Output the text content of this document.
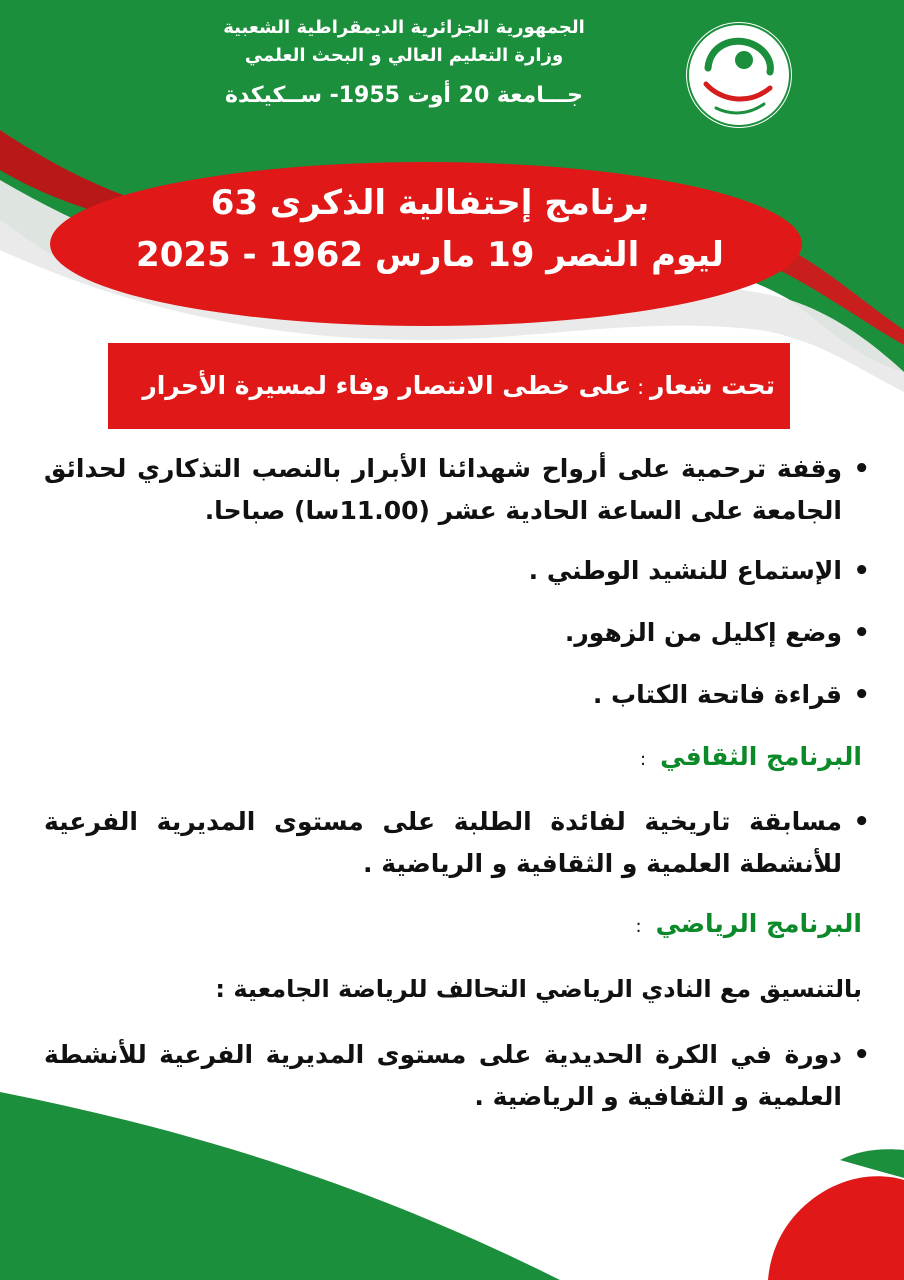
الجمهورية الجزائرية الديمقراطية الشعبية
وزارة التعليم العالي و البحث العلمي
جـــامعة 20 أوت 1955- ســكيكدة
برنامج إحتفالية الذكرى 63
ليوم النصر 19 مارس 1962 - 2025
تحت شعار:على خطى الانتصار وفاء لمسيرة الأحرار
• وقفة ترحمية على أرواح شهدائنا الأبرار بالنصب التذكاري لحدائق الجامعة على الساعة الحادية عشر (11.00سا) صباحا.
• الإستماع للنشيد الوطني .
• وضع إكليل من الزهور.
• قراءة فاتحة الكتاب .
البرنامج الثقافي:
• مسابقة تاريخية لفائدة الطلبة على مستوى المديرية الفرعية للأنشطة العلمية و الثقافية و الرياضية .
البرنامج الرياضي:
بالتنسيق مع النادي الرياضي التحالف للرياضة الجامعية :
• دورة في الكرة الحديدية على مستوى المديرية الفرعية للأنشطة العلمية و الثقافية و الرياضية .
